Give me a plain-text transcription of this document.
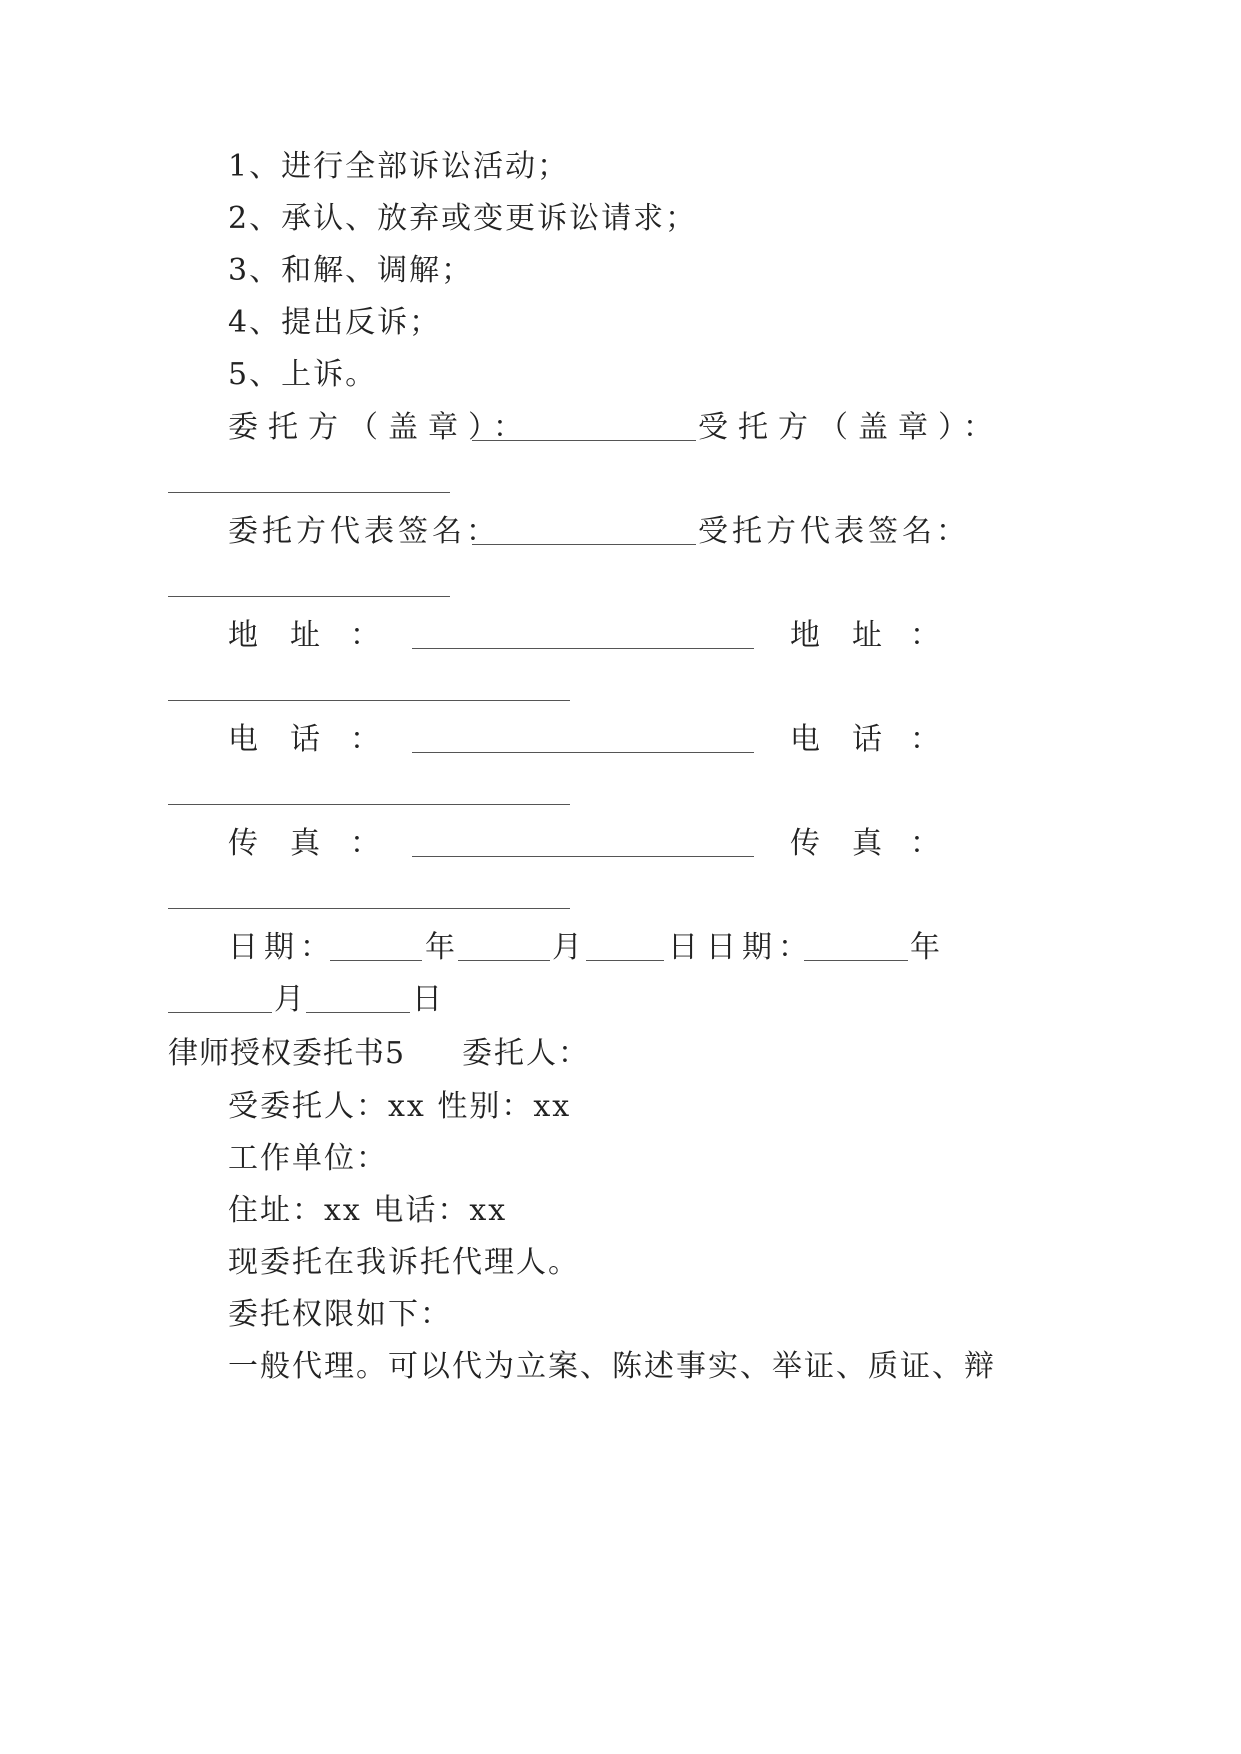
1、进行全部诉讼活动；
2、承认、放弃或变更诉讼请求；
3、和解、调解；
4、提出反诉；
5、上诉。
委托方（盖章）：	受托方（盖章）：
委托方代表签名：	受托方代表签名：
地 址 ：	地 址 ：
电 话 ：	电 话 ：
传 真 ：	传 真 ：
日期：	年	月	日 日期：	年
月	日
律师授权委托书5 委托人：
受委托人：xx 性别：xx
工作单位：
住址：xx 电话：xx
现委托在我诉托代理人。
委托权限如下：
一般代理。可以代为立案、陈述事实、举证、质证、辩
